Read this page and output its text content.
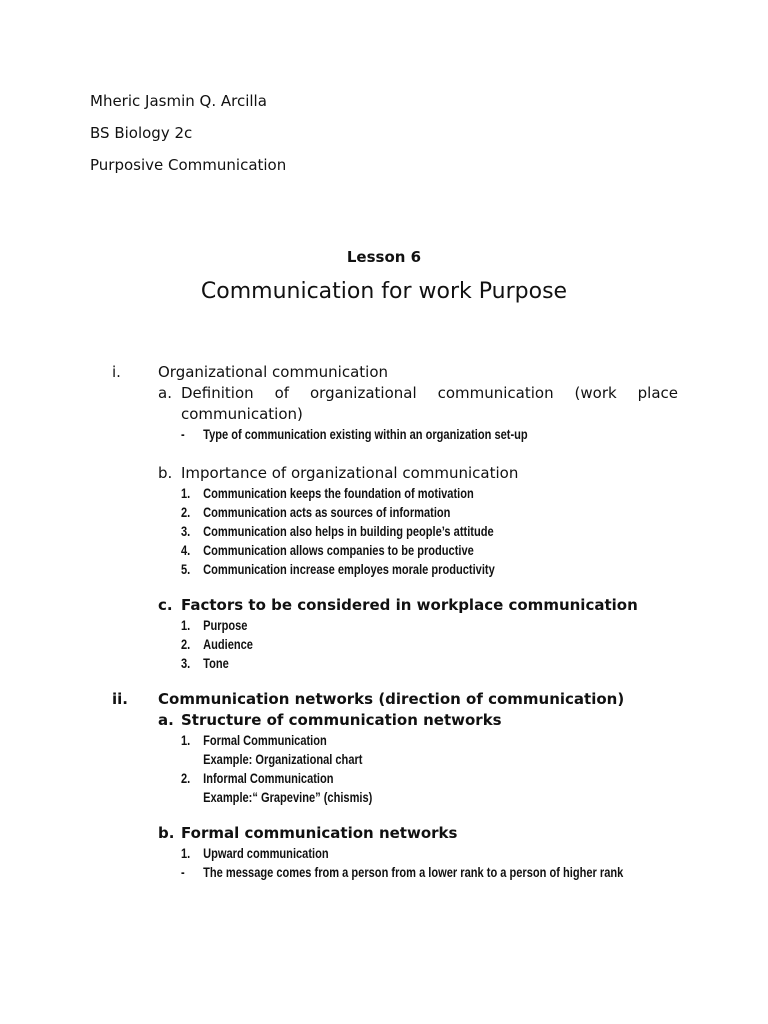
Mheric Jasmin Q. Arcilla

BS Biology 2c

Purposive Communication

Lesson 6

Communication for work Purpose
i. Organizational communication
a. Definition of organizational communication (work place communication)
- Type of communication existing within an organization set-up
b. Importance of organizational communication
1. Communication keeps the foundation of motivation
2. Communication acts as sources of information
3. Communication also helps in building people’s attitude
4. Communication allows companies to be productive
5. Communication increase employes morale productivity
c. Factors to be considered in workplace communication
1. Purpose
2. Audience
3. Tone
ii. Communication networks (direction of communication)
a. Structure of communication networks
1. Formal Communication
Example: Organizational chart
2. Informal Communication
Example:“ Grapevine” (chismis)
b. Formal communication networks
1. Upward communication
- The message comes from a person from a lower rank to a person of higher rank
